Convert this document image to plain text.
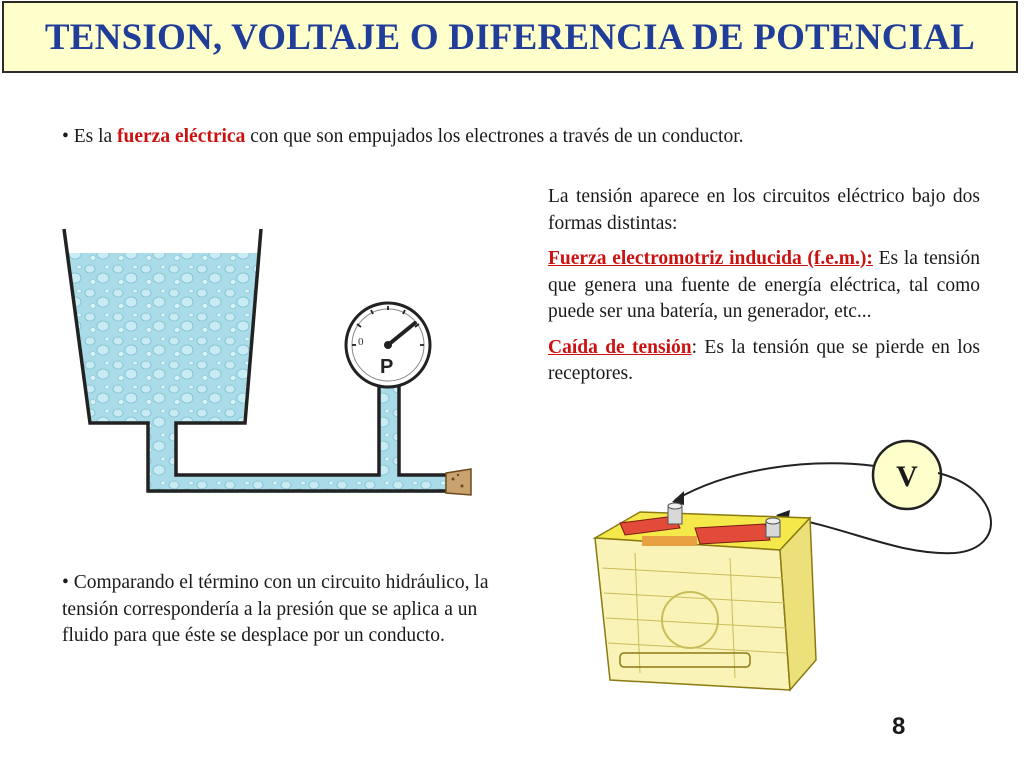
TENSION, VOLTAJE O DIFERENCIA DE POTENCIAL
• Es la fuerza eléctrica con que son empujados los electrones a través de un conductor.

La tensión aparece en los circuitos eléctrico bajo dos formas distintas:

Fuerza electromotriz inducida (f.e.m.): Es la tensión que genera una fuente de energía eléctrica, tal como puede ser una batería, un generador, etc...

Caída de tensión: Es la tensión que se pierde en los receptores.

0
P
V
• Comparando el término con un circuito hidráulico, la tensión correspondería a la presión que se aplica a un fluido para que éste se desplace por un conducto.
8
